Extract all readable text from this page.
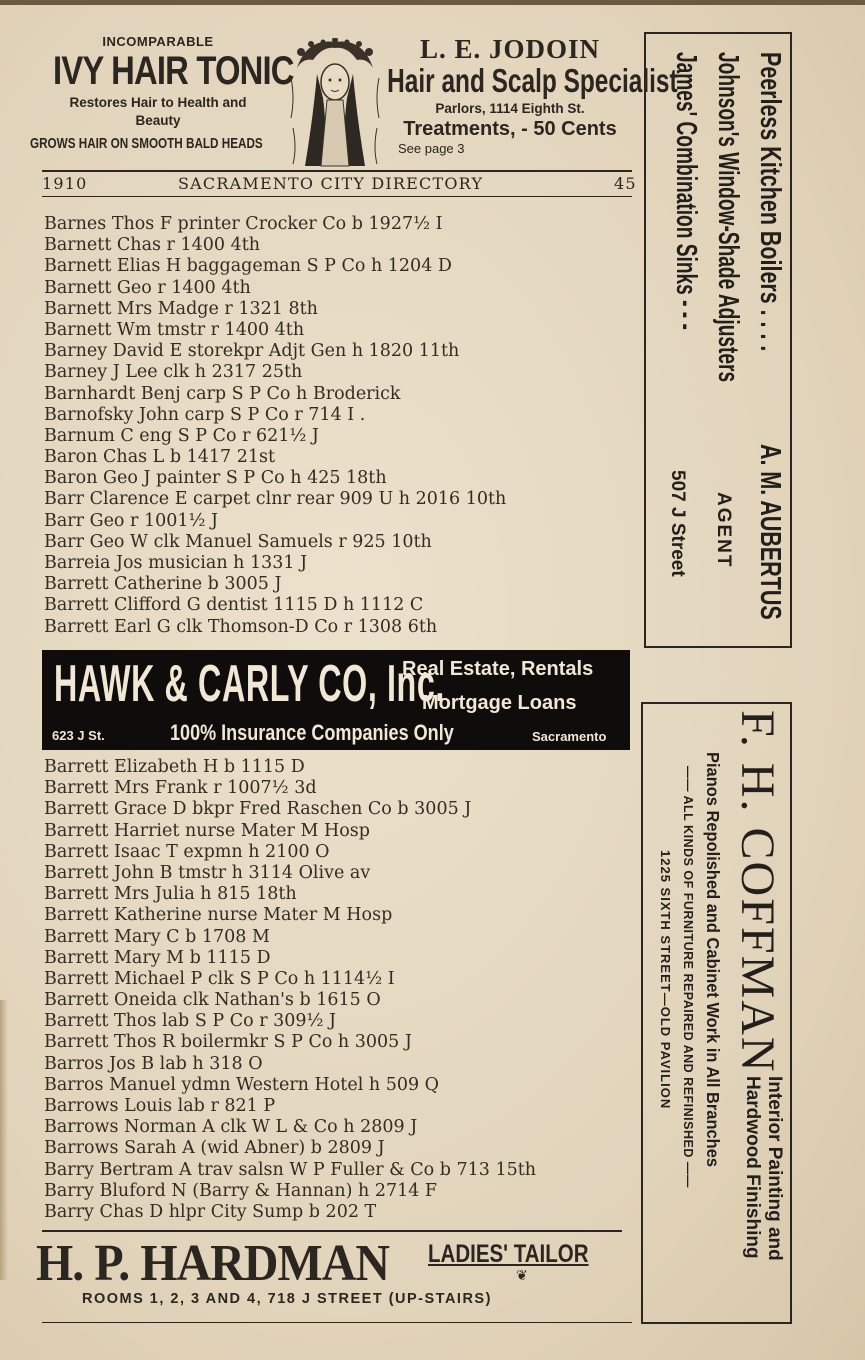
INCOMPARABLE
IVY HAIR TONIC
Restores Hair to Health and
Beauty
GROWS HAIR ON SMOOTH BALD HEADS
L. E. JODOIN
Hair and Scalp Specialist
Parlors, 1114 Eighth St.
Treatments, - 50 Cents
See page 3
1910	SACRAMENTO CITY DIRECTORY	45
Barnes Thos F printer Crocker Co b 1927½ I
Barnett Chas r 1400 4th
Barnett Elias H baggageman S P Co h 1204 D
Barnett Geo r 1400 4th
Barnett Mrs Madge r 1321 8th
Barnett Wm tmstr r 1400 4th
Barney David E storekpr Adjt Gen h 1820 11th
Barney J Lee clk h 2317 25th
Barnhardt Benj carp S P Co h Broderick
Barnofsky John carp S P Co r 714 I .
Barnum C eng S P Co r 621½ J
Baron Chas L b 1417 21st
Baron Geo J painter S P Co h 425 18th
Barr Clarence E carpet clnr rear 909 U h 2016 10th
Barr Geo r 1001½ J
Barr Geo W clk Manuel Samuels r 925 10th
Barreia Jos musician h 1331 J
Barrett Catherine b 3005 J
Barrett Clifford G dentist 1115 D h 1112 C
Barrett Earl G clk Thomson-D Co r 1308 6th
HAWK & CARLY CO, Inc.
Real Estate, Rentals
Mortgage Loans
623 J St.	100% Insurance Companies Only	Sacramento
Barrett Elizabeth H b 1115 D
Barrett Mrs Frank r 1007½ 3d
Barrett Grace D bkpr Fred Raschen Co b 3005 J
Barrett Harriet nurse Mater M Hosp
Barrett Isaac T expmn h 2100 O
Barrett John B tmstr h 3114 Olive av
Barrett Mrs Julia h 815 18th
Barrett Katherine nurse Mater M Hosp
Barrett Mary C b 1708 M
Barrett Mary M b 1115 D
Barrett Michael P clk S P Co h 1114½ I
Barrett Oneida clk Nathan's b 1615 O
Barrett Thos lab S P Co r 309½ J
Barrett Thos R boilermkr S P Co h 3005 J
Barros Jos B lab h 318 O
Barros Manuel ydmn Western Hotel h 509 Q
Barrows Louis lab r 821 P
Barrows Norman A clk W L & Co h 2809 J
Barrows Sarah A (wid Abner) b 2809 J
Barry Bertram A trav salsn W P Fuller & Co b 713 15th
Barry Bluford N (Barry & Hannan) h 2714 F
Barry Chas D hlpr City Sump b 202 T
H. P. HARDMAN LADIES' TAILOR
❦
ROOMS 1, 2, 3 AND 4, 718 J STREET (UP-STAIRS)
Peerless Kitchen Boilers . . . .
A. M. AUBERTUS
Johnson's Window-Shade Adjusters
AGENT
James' Combination Sinks - - -
507 J Street
F. H. COFFMAN
Interior Painting and
Hardwood Finishing
Pianos Repolished and Cabinet Work in All Branches
—— ALL KINDS OF FURNITURE REPAIRED AND REFINISHED ——
1225 SIXTH STREET—OLD PAVILION
